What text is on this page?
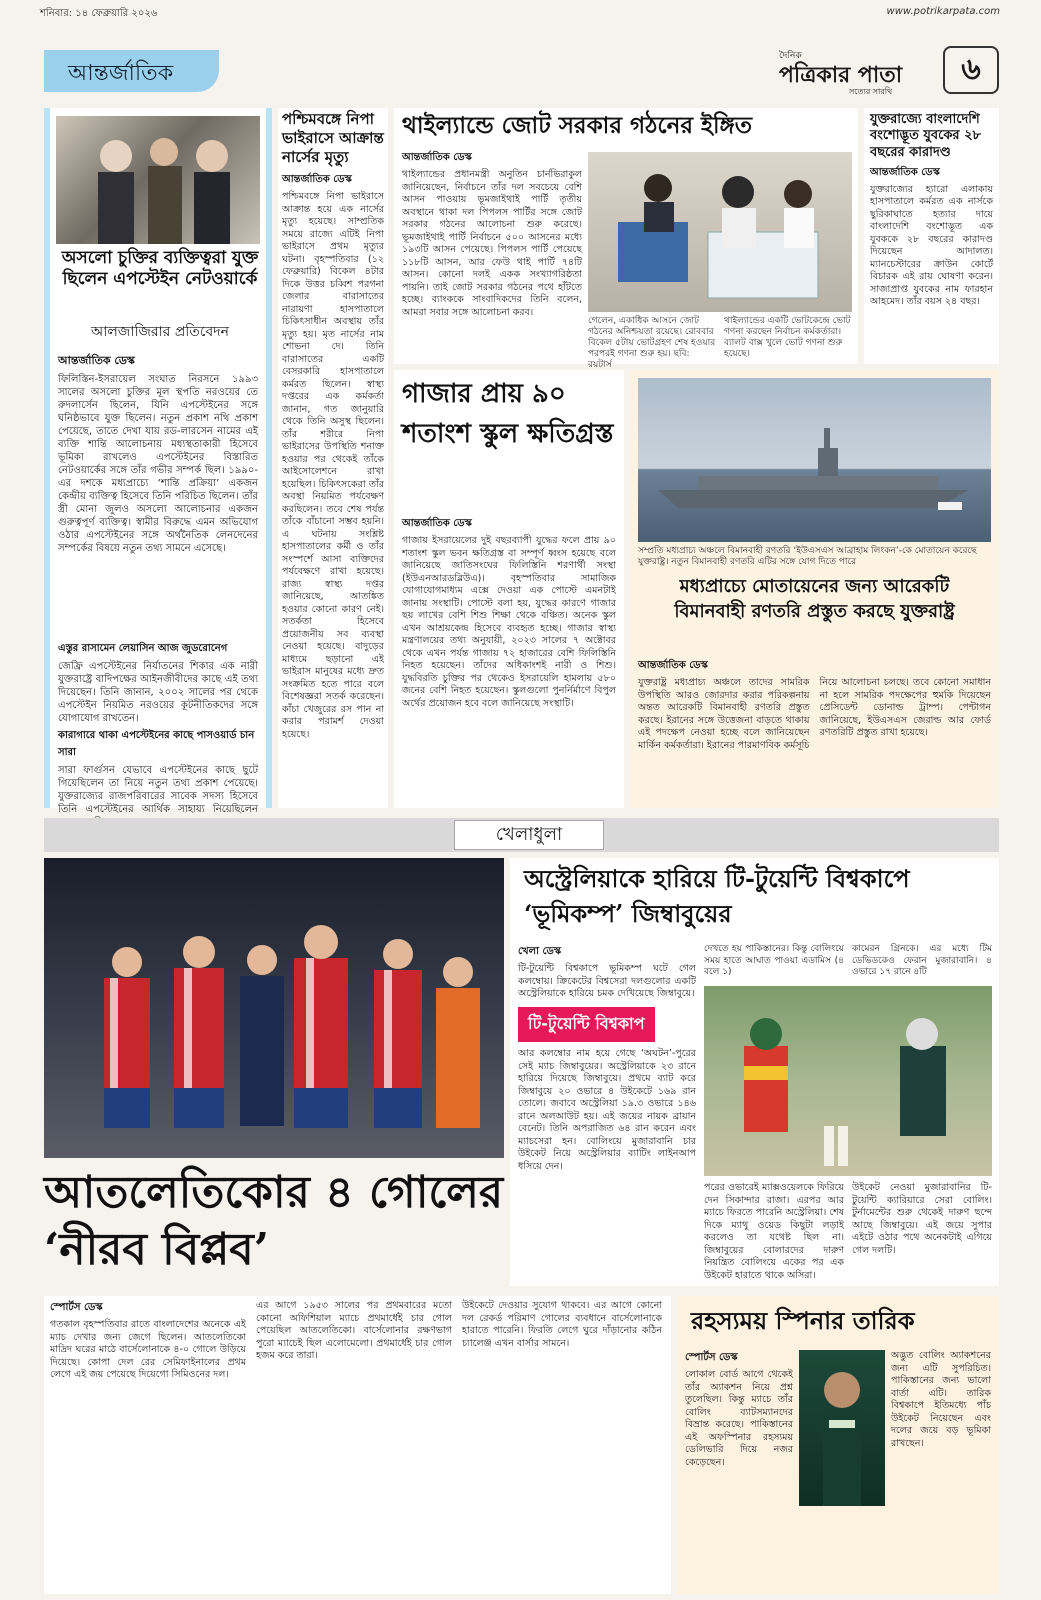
শনিবার: ১৪ ফেব্রুয়ারি ২০২৬	www.potrikarpata.com
আন্তর্জাতিক
দৈনিক
পত্রিকার পাতা
সত্যের সারথি
৬
অসলো চুক্তির ব্যক্তিত্বরা যুক্ত ছিলেন এপস্টেইন নেটওয়ার্কে
আলজাজিরার প্রতিবেদন
আন্তর্জাতিক ডেস্ক
ফিলিস্তিন-ইসরায়েল সংঘাত নিরসনে ১৯৯৩ সালের অসলো চুক্তির মূল স্থপতি নরওয়ের তে রুদলার্সেন ছিলেন, যিনি এপস্টেইনের সঙ্গে ঘনিষ্ঠভাবে যুক্ত ছিলেন। নতুন প্রকাশ নথি প্রকাশ পেয়েছে, তাতে দেখা যায় রড-লারসেন নামের এই ব্যক্তি শান্তি আলোচনায় মধ্যস্থতাকারী হিসেবে ভূমিকা রাখলেও এপস্টেইনের বিস্তারিত নেটওয়ার্কের সঙ্গে তাঁর গভীর সম্পর্ক ছিল। ১৯৯০-এর দশকে মধ্যপ্রাচ্যে ‘শান্তি প্রক্রিয়া’ একজন কেন্দ্রীয় ব্যক্তিত্ব হিসেবে তিনি পরিচিত ছিলেন। তাঁর স্ত্রী মোনা জুলও অসলো আলোচনার একজন গুরুত্বপূর্ণ ব্যক্তিত্ব। স্বামীর বিরুদ্ধে এমন অভিযোগ ওঠার এপস্টেইনের সঙ্গে অর্থনৈতিক লেনদেনের সম্পর্কের বিষয়ে নতুন তথ্য সামনে এসেছে।
এস্তুর রাসামেন লেয়াসিন আজ জুডরোনেগ
জেফ্রি এপস্টেইনের নির্যাতনের শিকার এক নারী যুক্তরাষ্ট্রে বাদিপক্ষের আইনজীবীদের কাছে এই তথ্য দিয়েছেন। তিনি জানান, ২০০২ সালের পর থেকে এপস্টেইন নিয়মিত নরওয়ের কূটনীতিকদের সঙ্গে যোগাযোগ রাখতেন।
কারাগারে থাকা এপস্টেইনের কাছে পাসওয়ার্ড চান সারা
সারা ফার্গুসন যেভাবে এপস্টেইনের কাছে ছুটে গিয়েছিলেন তা নিয়ে নতুন তথ্য প্রকাশ পেয়েছে। যুক্তরাজ্যের রাজপরিবারের সাবেক সদস্য হিসেবে তিনি এপস্টেইনের আর্থিক সাহায্য নিয়েছিলেন
পশ্চিমবঙ্গে নিপা ভাইরাসে আক্রান্ত নার্সের মৃত্যু
আন্তর্জাতিক ডেস্ক
পশ্চিমবঙ্গে নিপা ভাইরাসে আক্রান্ত হয়ে এক নার্সের মৃত্যু হয়েছে। সাম্প্রতিক সময়ে রাজ্যে এটিই নিপা ভাইরাসে প্রথম মৃত্যুর ঘটনা। বৃহস্পতিবার (১২ ফেব্রুয়ারি) বিকেল ৪টার দিকে উত্তর চব্বিশ পরগনা জেলার বারাসাতের নারায়ণা হাসপাতালে চিকিৎসাধীন অবস্থায় তাঁর মৃত্যু হয়। মৃত নার্সের নাম শোভনা দে। তিনি বারাসাতের একটি বেসরকারি হাসপাতালে কর্মরত ছিলেন। স্বাস্থ্য দপ্তরের এক কর্মকর্তা জানান, গত জানুয়ারি থেকে তিনি অসুস্থ ছিলেন। তাঁর শরীরে নিপা ভাইরাসের উপস্থিতি শনাক্ত হওয়ার পর থেকেই তাঁকে আইসোলেশনে রাখা হয়েছিল। চিকিৎসকেরা তাঁর অবস্থা নিয়মিত পর্যবেক্ষণ করছিলেন। তবে শেষ পর্যন্ত তাঁকে বাঁচানো সম্ভব হয়নি। এ ঘটনায় সংশ্লিষ্ট হাসপাতালের কর্মী ও তাঁর সংস্পর্শে আসা ব্যক্তিদের পর্যবেক্ষণে রাখা হয়েছে। রাজ্য স্বাস্থ্য দপ্তর জানিয়েছে, আতঙ্কিত হওয়ার কোনো কারণ নেই। সতর্কতা হিসেবে প্রয়োজনীয় সব ব্যবস্থা নেওয়া হয়েছে। বাদুড়ের মাধ্যমে ছড়ানো এই ভাইরাস মানুষের মধ্যে দ্রুত সংক্রমিত হতে পারে বলে বিশেষজ্ঞরা সতর্ক করেছেন। কাঁচা খেজুরের রস পান না করার পরামর্শ দেওয়া হয়েছে।
থাইল্যান্ডে জোট সরকার গঠনের ইঙ্গিত
আন্তর্জাতিক ডেস্ক
থাইল্যান্ডের প্রধানমন্ত্রী অনুতিন চার্নভিরাকুল জানিয়েছেন, নির্বাচনে তাঁর দল সবচেয়ে বেশি আসন পাওয়ায় ভূমজাইথাই পার্টি তৃতীয় অবস্থানে থাকা দল পিপলস পার্টির সঙ্গে জোট সরকার গঠনের আলোচনা শুরু করেছে। ভূমজাইথাই পার্টি নির্বাচনে ৫০০ আসনের মধ্যে ১৯৩টি আসন পেয়েছে। পিপলস পার্টি পেয়েছে ১১৮টি আসন, আর ফেউ থাই পার্টি ৭৪টি আসন। কোনো দলই একক সংখ্যাগরিষ্ঠতা পায়নি। তাই জোট সরকার গঠনের পথে হাঁটতে হচ্ছে। ব্যাংককে সাংবাদিকদের তিনি বলেন, আমরা সবার সঙ্গে আলোচনা করব।
গেলেন, একাধিক আসনে জোট গঠনের অনিশ্চয়তা রয়েছে। রোববার বিকেল ৫টায় ভোটগ্রহণ শেষ হওয়ার পরপরই গণনা শুরু হয়। ছবি: রয়টার্স
থাইল্যান্ডের একটি ভোটকেন্দ্রে ভোট গণনা করছেন নির্বাচন কর্মকর্তারা। ব্যালট বাক্স খুলে ভোট গণনা শুরু হয়েছে।
যুক্তরাজ্যে বাংলাদেশি বংশোদ্ভূত যুবকের ২৮ বছরের কারাদণ্ড
আন্তর্জাতিক ডেস্ক
যুক্তরাজ্যের হ্যারো এলাকায় হাসপাতালে কর্মরত এক নার্সকে ছুরিকাঘাতে হত্যার দায়ে বাংলাদেশি বংশোদ্ভূত এক যুবককে ২৮ বছরের কারাদণ্ড দিয়েছেন আদালত। ম্যানচেস্টারের ক্রাউন কোর্টে বিচারক এই রায় ঘোষণা করেন। সাজাপ্রাপ্ত যুবকের নাম ফারহান আহমেদ। তাঁর বয়স ২৪ বছর।
গাজার প্রায় ৯০ শতাংশ স্কুল ক্ষতিগ্রস্ত
আন্তর্জাতিক ডেস্ক
গাজায় ইসরায়েলের দুই বছরব্যাপী যুদ্ধের ফলে প্রায় ৯০ শতাংশ স্কুল ভবন ক্ষতিগ্রস্ত বা সম্পূর্ণ ধ্বংস হয়েছে বলে জানিয়েছে জাতিসংঘের ফিলিস্তিনি শরণার্থী সংস্থা (ইউএনআরডব্লিউএ)। বৃহস্পতিবার সামাজিক যোগাযোগমাধ্যম এক্সে দেওয়া এক পোস্টে এমনটাই জানায় সংস্থাটি। পোস্টে বলা হয়, যুদ্ধের কারণে গাজার ছয় লাখের বেশি শিশু শিক্ষা থেকে বঞ্চিত। অনেক স্কুল এখন আশ্রয়কেন্দ্র হিসেবে ব্যবহৃত হচ্ছে। গাজার স্বাস্থ্য মন্ত্রণালয়ের তথ্য অনুযায়ী, ২০২৩ সালের ৭ অক্টোবর থেকে এখন পর্যন্ত গাজায় ৭২ হাজারের বেশি ফিলিস্তিনি নিহত হয়েছেন। তাঁদের অধিকাংশই নারী ও শিশু। যুদ্ধবিরতি চুক্তির পর থেকেও ইসরায়েলি হামলায় ৫৮০ জনের বেশি নিহত হয়েছেন। স্কুলগুলো পুনর্নির্মাণে বিপুল অর্থের প্রয়োজন হবে বলে জানিয়েছে সংস্থাটি।
সম্প্রতি মধ্যপ্রাচ্য অঞ্চলে বিমানবাহী রণতরি ‘ইউএসএস আব্রাহাম লিংকন’-কে মোতায়েন করেছে যুক্তরাষ্ট্র। নতুন বিমানবাহী রণতরি এটির সঙ্গে যোগ দিতে পারে
মধ্যপ্রাচ্যে মোতায়েনের জন্য আরেকটি বিমানবাহী রণতরি প্রস্তুত করছে যুক্তরাষ্ট্র
আন্তর্জাতিক ডেস্ক
যুক্তরাষ্ট্র মধ্যপ্রাচ্য অঞ্চলে তাদের সামরিক উপস্থিতি আরও জোরদার করার পরিকল্পনায় অন্তত আরেকটি বিমানবাহী রণতরি প্রস্তুত করছে। ইরানের সঙ্গে উত্তেজনা বাড়তে থাকায় এই পদক্ষেপ নেওয়া হচ্ছে বলে জানিয়েছেন মার্কিন কর্মকর্তারা। ইরানের পারমাণবিক কর্মসূচি নিয়ে আলোচনা চলছে। তবে কোনো সমাধান না হলে সামরিক পদক্ষেপের হুমকি দিয়েছেন প্রেসিডেন্ট ডোনাল্ড ট্রাম্প। পেন্টাগন জানিয়েছে, ইউএসএস জেরাল্ড আর ফোর্ড রণতরিটি প্রস্তুত রাখা হয়েছে।
খেলাধুলা
আতলেতিকোর ৪ গোলের ‘নীরব বিপ্লব’
স্পোর্টস ডেস্ক
গতকাল বৃহস্পতিবার রাতে বাংলাদেশের অনেকে এই ম্যাচ দেখার জন্য জেগে ছিলেন। আতলেতিকো মাদ্রিদ ঘরের মাঠে বার্সেলোনাকে ৪-০ গোলে উড়িয়ে দিয়েছে। কোপা দেল রের সেমিফাইনালের প্রথম লেগে এই জয় পেয়েছে দিয়েগো সিমিওনের দল।
এর আগে ১৯৫৩ সালের পর প্রথমবারের মতো কোনো অফিশিয়াল ম্যাচে প্রথমার্ধেই চার গোল পেয়েছিল আতলেতিকো। বার্সেলোনার রক্ষণভাগ পুরো ম্যাচেই ছিল এলোমেলো। প্রথমার্ধেই চার গোল হজম করে তারা।
উইকেটে দেওয়ার সুযোগ থাকবে। এর আগে কোনো দল রেকর্ড পরিমাণ গোলের ব্যবধানে বার্সেলোনাকে হারাতে পারেনি। ফিরতি লেগে ঘুরে দাঁড়ানোর কঠিন চ্যালেঞ্জ এখন বার্সার সামনে।
অস্ট্রেলিয়াকে হারিয়ে টি-টুয়েন্টি বিশ্বকাপে ‘ভূমিকম্প’ জিম্বাবুয়ের
খেলা ডেস্ক
টি-টুয়েন্টি বিশ্বকাপে ভূমিকম্প ঘটে গেল কলম্বোয়। ক্রিকেটের বিশ্বসেরা দলগুলোর একটি অস্ট্রেলিয়াকে হারিয়ে চমক দেখিয়েছে জিম্বাবুয়ে।
টি-টুয়েন্টি বিশ্বকাপ
আর কলম্বোর নাম হয়ে গেছে ‘অঘটন’-পুরের সেই ম্যাচ জিম্বাবুয়ের। অস্ট্রেলিয়াকে ২৩ রানে হারিয়ে দিয়েছে জিম্বাবুয়ে। প্রথমে ব্যাট করে জিম্বাবুয়ে ২০ ওভারে ৪ উইকেটে ১৬৯ রান তোলে। জবাবে অস্ট্রেলিয়া ১৯.৩ ওভারে ১৪৬ রানে অলআউট হয়। এই জয়ের নায়ক ব্রায়ান বেনেট। তিনি অপরাজিত ৬৪ রান করেন এবং ম্যাচসেরা হন। বোলিংয়ে মুজারাবানি চার উইকেট নিয়ে অস্ট্রেলিয়ার ব্যাটিং লাইনআপ ধসিয়ে দেন।
দেখতে হয় পাকিস্তানের। কিন্তু বোলিংয়ে সময় হাতে আঘাত পাওয়া এডামিস (৪ বলে ১)
কামেরন গ্রিনকে। এর মধ্যে টিম ডেভিডকেও ফেরান মুজারাবানি। ৪ ওভারে ১৭ রানে ৪টি
পরের ওভারেই ম্যাক্সওয়েলকে ফিরিয়ে দেন সিকান্দার রাজা। এরপর আর ম্যাচে ফিরতে পারেনি অস্ট্রেলিয়া। শেষ দিকে ম্যাথু ওয়েড কিছুটা লড়াই করলেও তা যথেষ্ট ছিল না। জিম্বাবুয়ের বোলারদের দারুণ নিয়ন্ত্রিত বোলিংয়ে একের পর এক উইকেট হারাতে থাকে অসিরা।
উইকেট নেওয়া মুজারাবানির টি-টুয়েন্টি ক্যারিয়ারে সেরা বোলিং। টুর্নামেন্টের শুরু থেকেই দারুণ ছন্দে আছে জিম্বাবুয়ে। এই জয়ে সুপার এইটে ওঠার পথে অনেকটাই এগিয়ে গেল দলটি।
রহস্যময় স্পিনার তারিক
স্পোর্টস ডেস্ক
লোকাল বোর্ড আগে থেকেই তাঁর অ্যাকশন নিয়ে প্রশ্ন তুলেছিল। কিন্তু ম্যাচে তাঁর বোলিং ব্যাটসম্যানদের বিভ্রান্ত করেছে। পাকিস্তানের এই অফস্পিনার রহস্যময় ডেলিভারি দিয়ে নজর কেড়েছেন।
অদ্ভুত বোলিং অ্যাকশনের জন্য এটি সুপরিচিত। পাকিস্তানের জন্য ভালো বার্তা এটি। তারিক বিশ্বকাপে ইতিমধ্যে পাঁচ উইকেট নিয়েছেন এবং দলের জয়ে বড় ভূমিকা রাখছেন।
